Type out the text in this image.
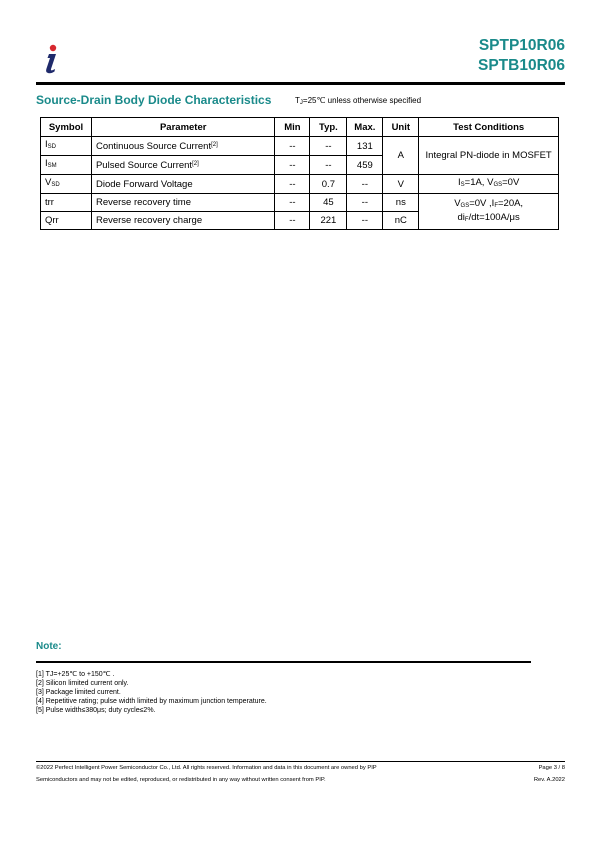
SPTP10R06
SPTB10R06
Source-Drain Body Diode Characteristics	$T_J=25℃$ unless otherwise specified
Symbol	Parameter	Min	Typ.	Max.	Unit	Test Conditions
$I_{SD}$	Continuous Source Current[2]	--	--	131	A	Integral PN-diode in MOSFET
$I_{SM}$	Pulsed Source Current[2]	--	--	459		
$V_{SD}$	Diode Forward Voltage	--	0.7	--	V	$I_S=1A$, $V_{GS}=0V$
trr	Reverse recovery time	--	45	--	ns	$V_{GS}=0V$ $,I_F=20A$,
$di_F/dt=100A/\mu s$
Qrr	Reverse recovery charge	--	221	--	nC	
Note:
[1] TJ=+25℃ to +150℃ .
[2] Silicon limited current only.
[3] Package limited current.
[4] Repetitive rating; pulse width limited by maximum junction temperature.
[5] Pulse width≤380μs; duty cycle≤2%.
©2022 Perfect Intelligent Power Semiconductor Co., Ltd. All rights reserved. Information and data in this document are owned by PIP	Page 3 / 8
Semiconductors and may not be edited, reproduced, or redistributed in any way without written consent from PIP.	Rev. A.2022
